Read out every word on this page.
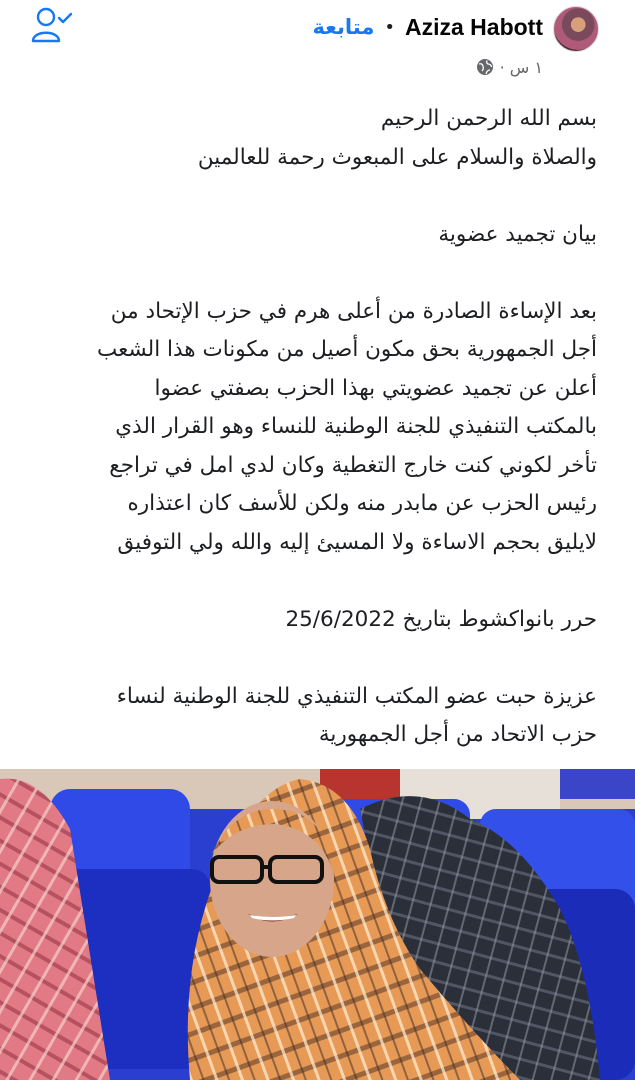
Aziza Habott
•
متابعة
١ س ·

بسم الله الرحمن الرحيم

والصلاة والسلام على المبعوث رحمة للعالمين

بيان تجميد عضوية

بعد الإساءة الصادرة من أعلى هرم في حزب الإتحاد من

أجل الجمهورية بحق مكون أصيل من مكونات هذا الشعب

أعلن عن تجميد عضويتي بهذا الحزب بصفتي عضوا

بالمكتب التنفيذي للجنة الوطنية للنساء وهو القرار الذي

تأخر لكوني كنت خارج التغطية وكان لدي امل في تراجع

رئيس الحزب عن مابدر منه ولكن للأسف كان اعتذاره

لايليق بحجم الاساءة ولا المسيئ إليه والله ولي التوفيق

حرر بانواكشوط بتاريخ 25/6/2022

عزيزة حبت عضو المكتب التنفيذي للجنة الوطنية لنساء

حزب الاتحاد من أجل الجمهورية
